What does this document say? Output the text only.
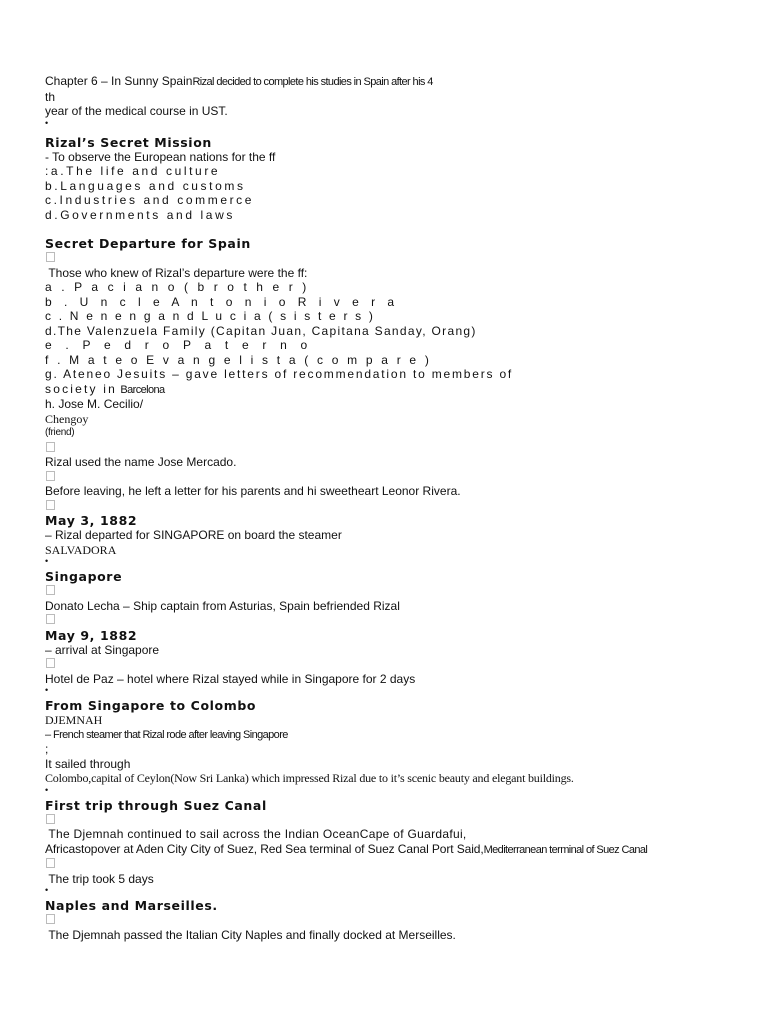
Chapter 6 – In Sunny SpainRizal decided to complete his studies in Spain after his 4
th
year of the medical course in UST.
•
Rizal’s Secret Mission
- To observe the European nations for the ff
:a.The life and culture
b.Languages and customs
c.Industries and commerce
d.Governments and laws
Secret Departure for Spain
Those who knew of Rizal’s departure were the ff:
a . P a c i a n o ( b r o t h e r )
b . U n c l e A n t o n i o R i v e r a
c . N e n e n g a n d L u c i a ( s i s t e r s )
d.The Valenzuela Family (Capitan Juan, Capitana Sanday, Orang)
e . P e d r o P a t e r n o
f . M a t e o E v a n g e l i s t a ( c o m p a r e )
g. Ateneo Jesuits – gave letters of recommendation to members of
society in Barcelona
h. Jose M. Cecilio/
Chengoy
(friend)
Rizal used the name Jose Mercado.
Before leaving, he left a letter for his parents and hi sweetheart Leonor Rivera.
May 3, 1882
– Rizal departed for SINGAPORE on board the steamer
SALVADORA
•
Singapore
Donato Lecha – Ship captain from Asturias, Spain befriended Rizal
May 9, 1882
– arrival at Singapore
Hotel de Paz – hotel where Rizal stayed while in Singapore for 2 days
•
From Singapore to Colombo
DJEMNAH
– French steamer that Rizal rode after leaving Singapore
;
It sailed through
Colombo,capital of Ceylon(Now Sri Lanka) which impressed Rizal due to it’s scenic beauty and elegant buildings.
•
First trip through Suez Canal
The Djemnah continued to sail across the Indian OceanCape of Guardafui,
Africastopover at Aden City City of Suez, Red Sea terminal of Suez Canal Port Said,Mediterranean terminal of Suez Canal
The trip took 5 days
•
Naples and Marseilles.
The Djemnah passed the Italian City Naples and finally docked at Merseilles.
